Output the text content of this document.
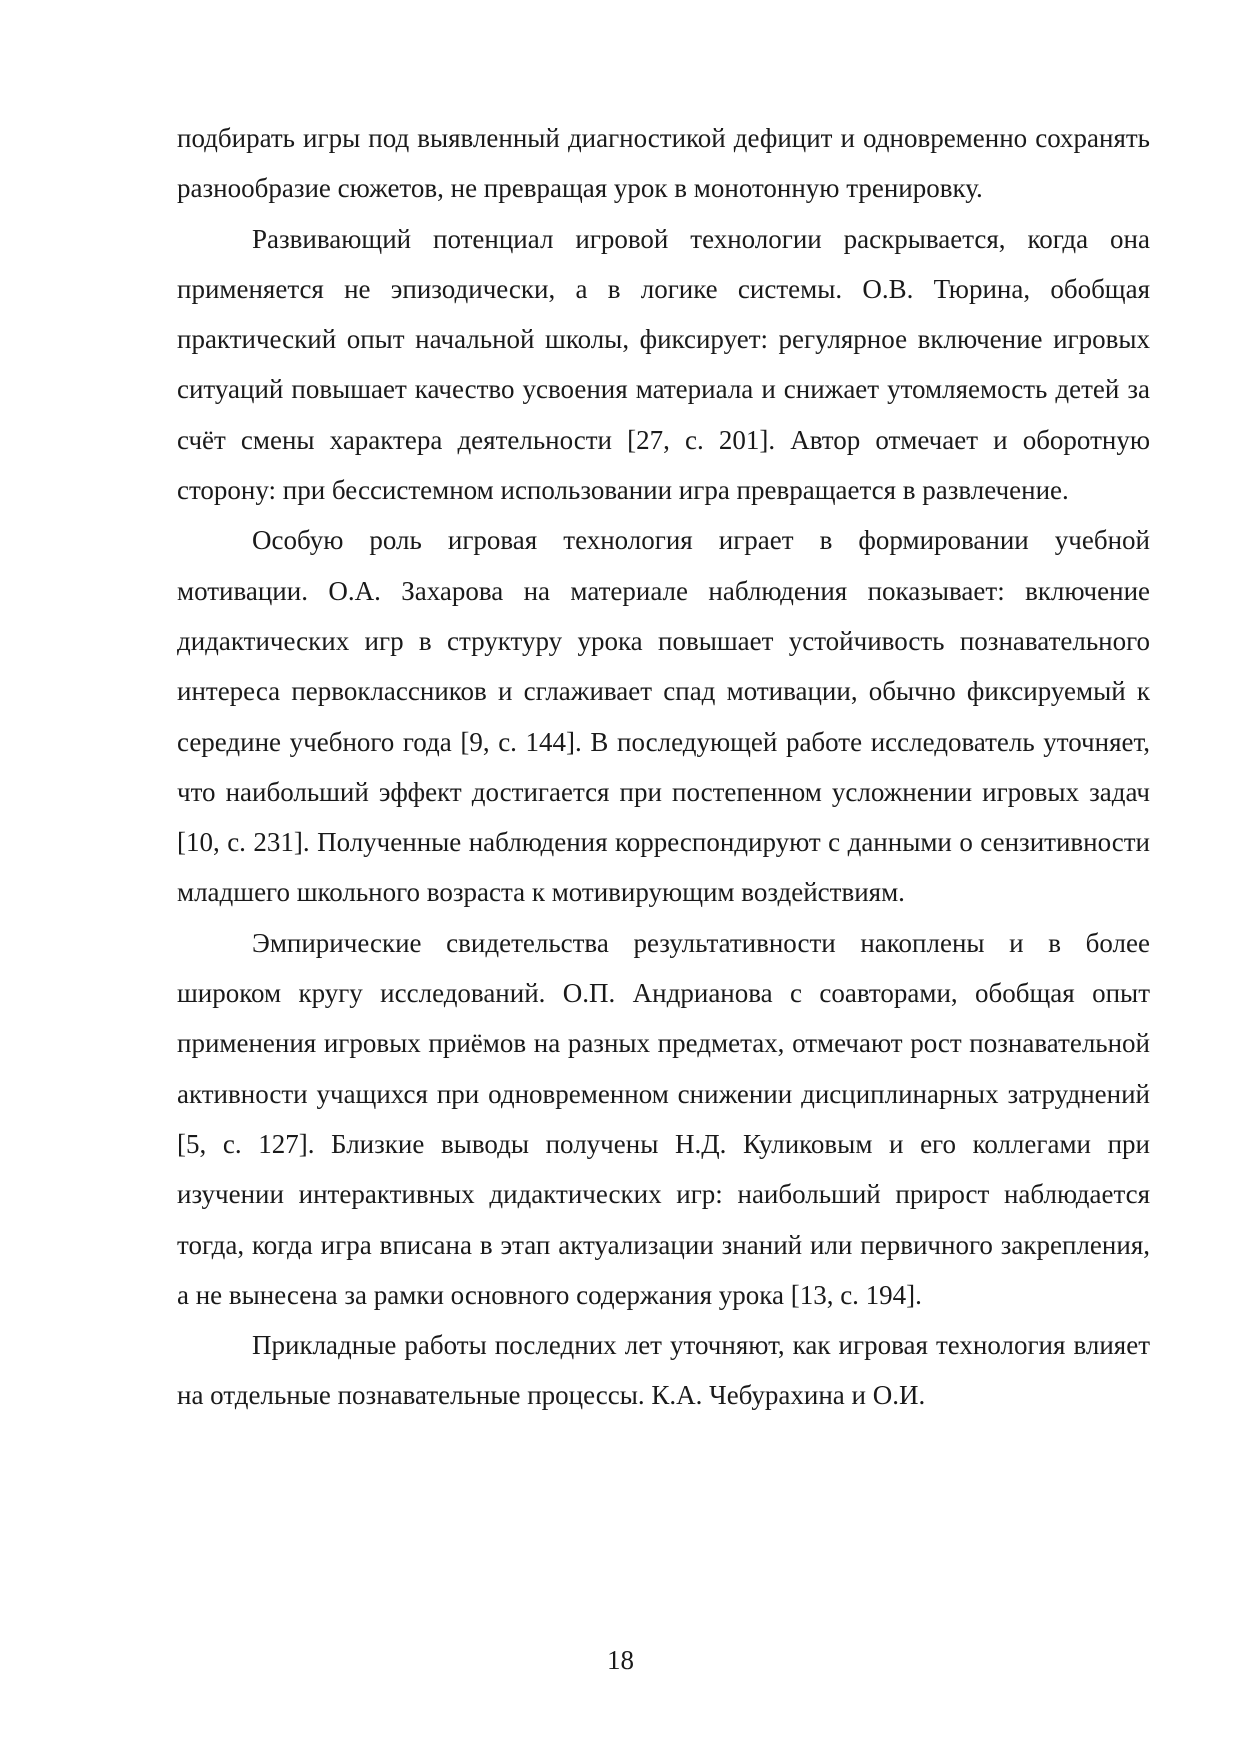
подбирать игры под выявленный диагностикой дефицит и одновременно сохранять разнообразие сюжетов, не превращая урок в монотонную тренировку.

Развивающий потенциал игровой технологии раскрывается, когда она применяется не эпизодически, а в логике системы. О.В. Тюрина, обобщая практический опыт начальной школы, фиксирует: регулярное включение игровых ситуаций повышает качество усвоения материала и снижает утомляемость детей за счёт смены характера деятельности [27, с. 201]. Автор отмечает и оборотную сторону: при бессистемном использовании игра превращается в развлечение.

Особую роль игровая технология играет в формировании учебной мотивации. О.А. Захарова на материале наблюдения показывает: включение дидактических игр в структуру урока повышает устойчивость познавательного интереса первоклассников и сглаживает спад мотивации, обычно фиксируемый к середине учебного года [9, с. 144]. В последующей работе исследователь уточняет, что наибольший эффект достигается при постепенном усложнении игровых задач [10, с. 231]. Полученные наблюдения корреспондируют с данными о сензитивности младшего школьного возраста к мотивирующим воздействиям.

Эмпирические свидетельства результативности накоплены и в более широком кругу исследований. О.П. Андрианова с соавторами, обобщая опыт применения игровых приёмов на разных предметах, отмечают рост познавательной активности учащихся при одновременном снижении дисциплинарных затруднений [5, с. 127]. Близкие выводы получены Н.Д. Куликовым и его коллегами при изучении интерактивных дидактических игр: наибольший прирост наблюдается тогда, когда игра вписана в этап актуализации знаний или первичного закрепления, а не вынесена за рамки основного содержания урока [13, с. 194].

Прикладные работы последних лет уточняют, как игровая технология влияет на отдельные познавательные процессы. К.А. Чебурахина и О.И.

18
